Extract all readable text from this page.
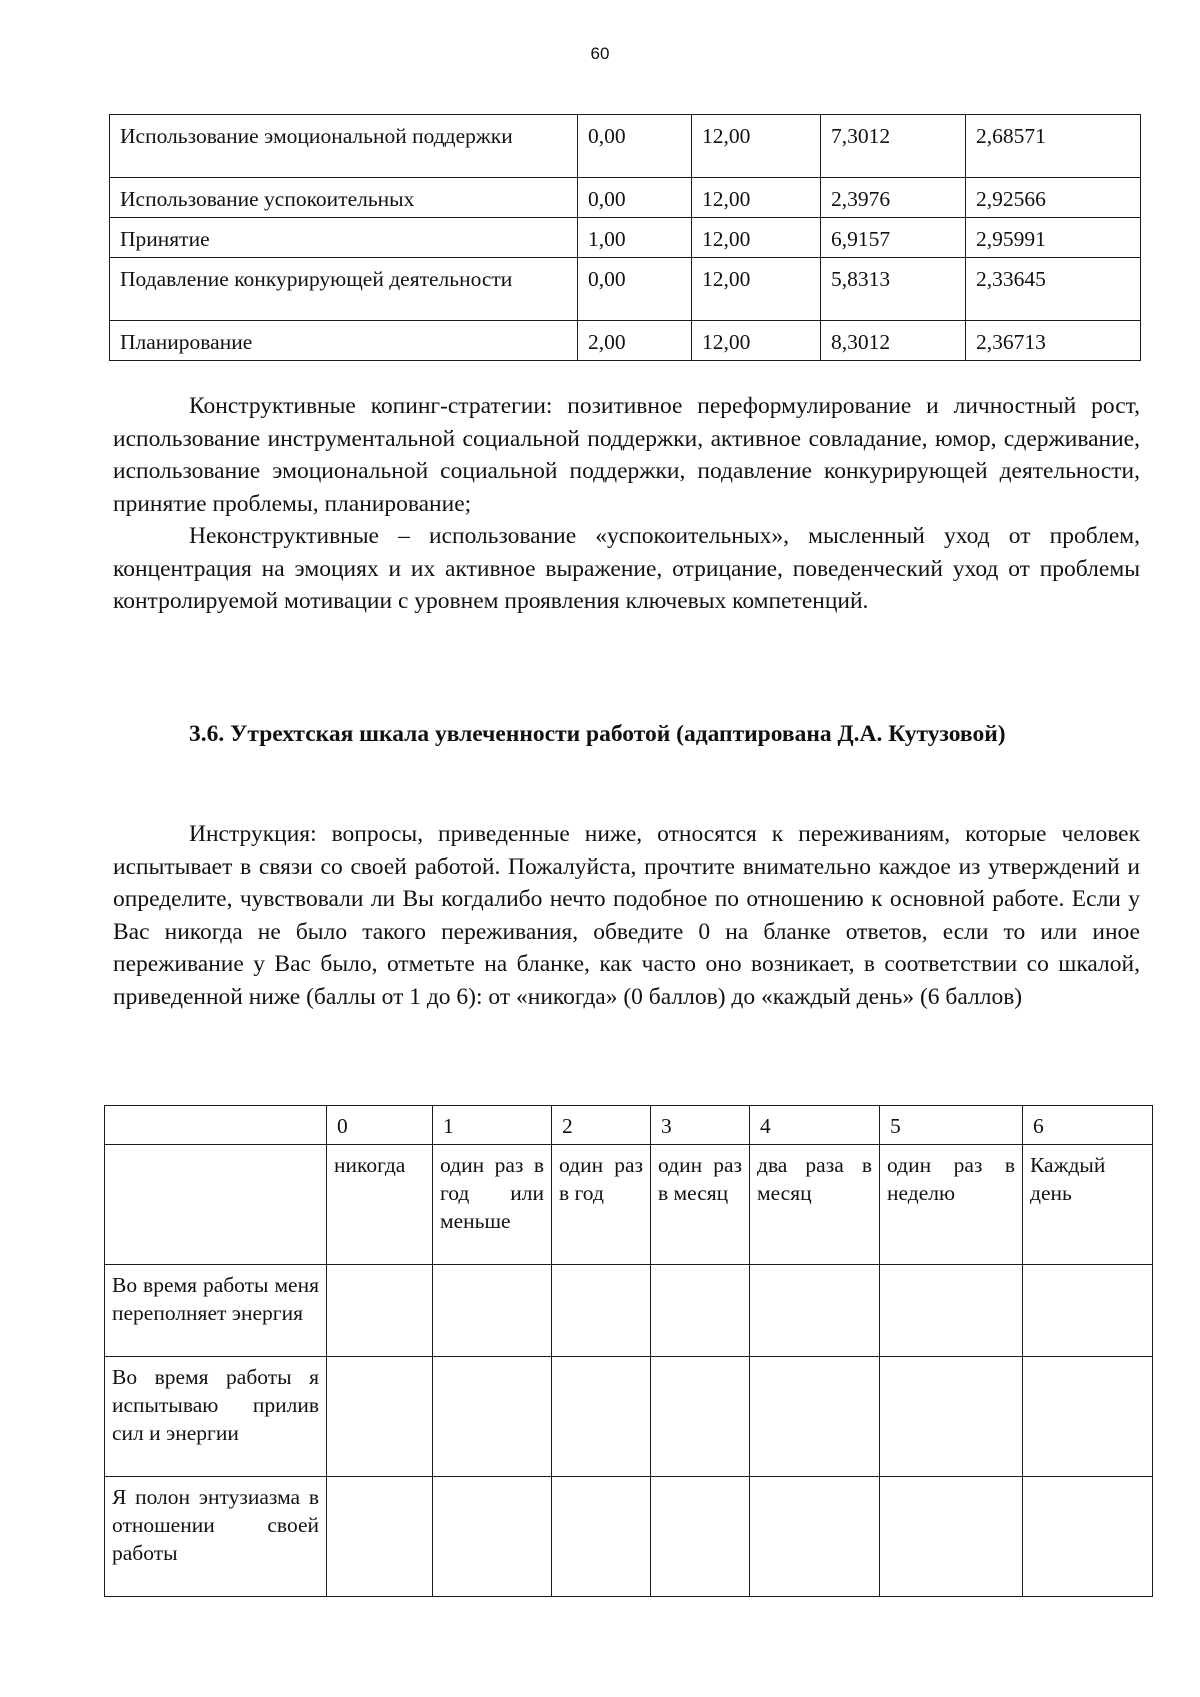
60
Использование эмоциональной поддержки	0,00	12,00	7,3012	2,68571
Использование успокоительных	0,00	12,00	2,3976	2,92566
Принятие	1,00	12,00	6,9157	2,95991
Подавление конкурирующей деятельности	0,00	12,00	5,8313	2,33645
Планирование	2,00	12,00	8,3012	2,36713

Конструктивные копинг-стратегии: позитивное переформулирование и личностный рост, использование инструментальной социальной поддержки, активное совладание, юмор, сдерживание, использование эмоциональной социальной поддержки, подавление конкурирующей деятельности, принятие проблемы, планирование;

Неконструктивные – использование «успокоительных», мысленный уход от проблем, концентрация на эмоциях и их активное выражение, отрицание, поведенческий уход от проблемы контролируемой мотивации с уровнем проявления ключевых компетенций.

3.6. Утрехтская шкала увлеченности работой (адаптирована Д.А. Кутузовой)

Инструкция: вопросы, приведенные ниже, относятся к переживаниям, которые человек испытывает в связи со своей работой. Пожалуйста, прочтите внимательно каждое из утверждений и определите, чувствовали ли Вы когдалибо нечто подобное по отношению к основной работе. Если у Вас никогда не было такого переживания, обведите 0 на бланке ответов, если то или иное переживание у Вас было, отметьте на бланке, как часто оно возникает, в соответствии со шкалой, приведенной ниже (баллы от 1 до 6): от «никогда» (0 баллов) до «каждый день» (6 баллов)

	0	1	2	3	4	5	6
	никогда	один раз в год или меньше	один раз в год	один раз в месяц	два раза в месяц	один раз в неделю	Каждый день
Во время работы меня переполняет энергия							
Во время работы я испытываю прилив сил и энергии							
Я полон энтузиазма в отношении своей работы							
